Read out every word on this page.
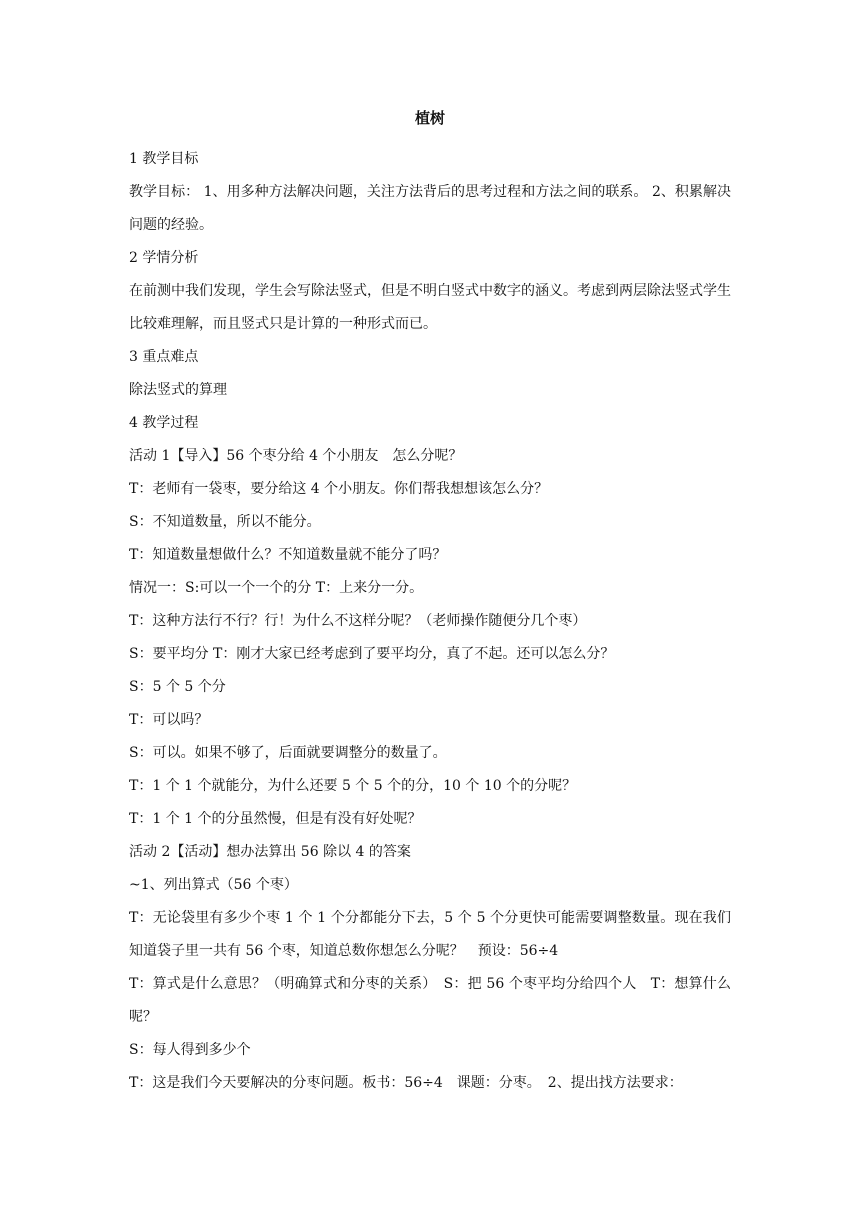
植树

1 教学目标

教学目标： 1、用多种方法解决问题，关注方法背后的思考过程和方法之间的联系。 2、积累解决问题的经验。

2 学情分析

在前测中我们发现，学生会写除法竖式，但是不明白竖式中数字的涵义。考虑到两层除法竖式学生比较难理解，而且竖式只是计算的一种形式而已。

3 重点难点

除法竖式的算理

4 教学过程

活动 1【导入】56 个枣分给 4 个小朋友　怎么分呢？

T：老师有一袋枣，要分给这 4 个小朋友。你们帮我想想该怎么分？

S：不知道数量，所以不能分。

T：知道数量想做什么？不知道数量就不能分了吗？

情况一：S:可以一个一个的分 T：上来分一分。

T：这种方法行不行？行！为什么不这样分呢？（老师操作随便分几个枣）

S：要平均分 T：刚才大家已经考虑到了要平均分，真了不起。还可以怎么分？

S：5 个 5 个分

T：可以吗？

S：可以。如果不够了，后面就要调整分的数量了。

T：1 个 1 个就能分，为什么还要 5 个 5 个的分，10 个 10 个的分呢？

T：1 个 1 个的分虽然慢，但是有没有好处呢？

活动 2【活动】想办法算出 56 除以 4 的答案

~1、列出算式（56 个枣）

T：无论袋里有多少个枣 1 个 1 个分都能分下去，5 个 5 个分更快可能需要调整数量。现在我们知道袋子里一共有 56 个枣，知道总数你想怎么分呢？　预设：56÷4

T：算式是什么意思？（明确算式和分枣的关系）　S：把 56 个枣平均分给四个人　T：想算什么呢？

S：每人得到多少个

T：这是我们今天要解决的分枣问题。板书：56÷4　课题：分枣。　2、提出找方法要求：
